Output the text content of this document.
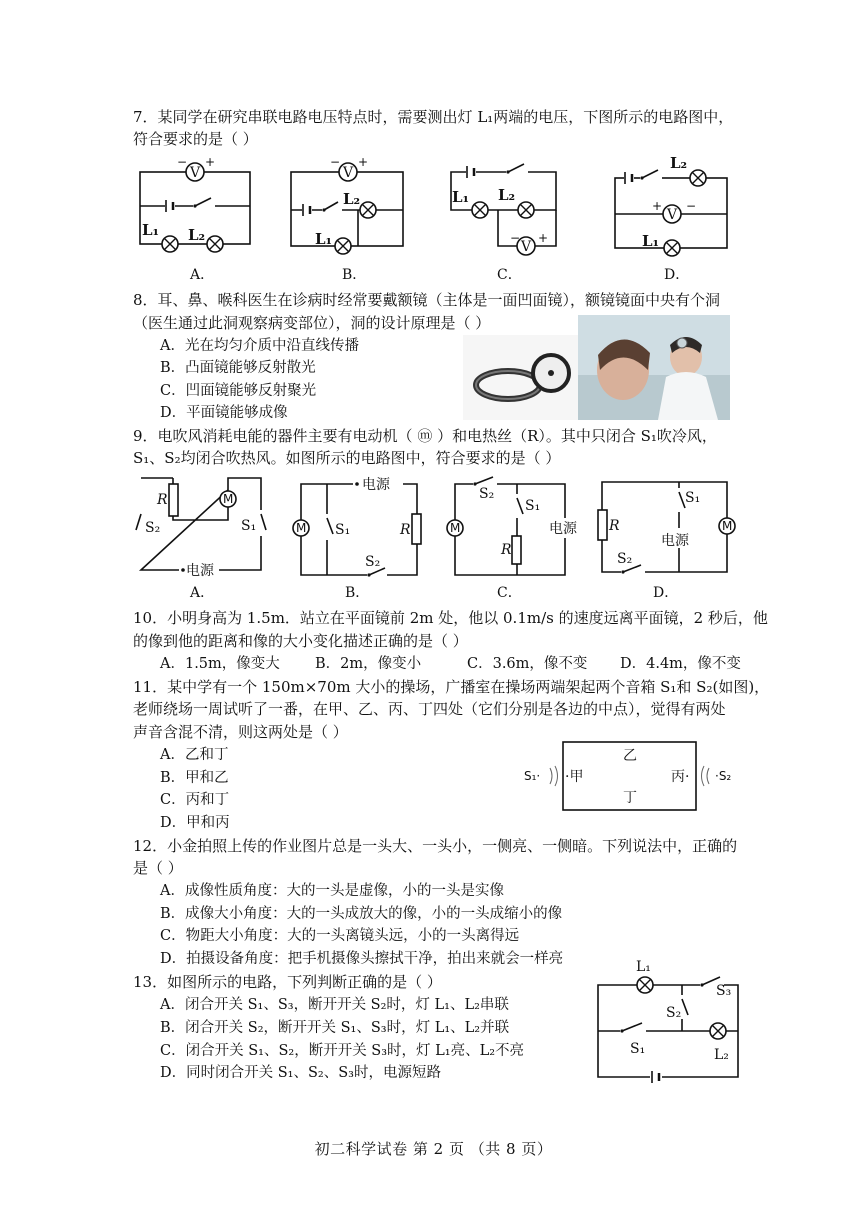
7．某同学在研究串联电路电压特点时，需要测出灯 L₁两端的电压，下图所示的电路图中，
符合要求的是（ ）
V
− +
L₁ L₂
A．
V
− +
L₂
L₁
B．
V
− +
L₁ L₂
C．
V
+ −
L₂
L₁
D．
8．耳、鼻、喉科医生在诊病时经常要戴额镜（主体是一面凹面镜），额镜镜面中央有个洞
（医生通过此洞观察病变部位），洞的设计原理是（ ）
A．光在均匀介质中沿直线传播
B．凸面镜能够反射散光
C．凹面镜能够反射聚光
D．平面镜能够成像
9．电吹风消耗电能的器件主要有电动机（ ⓜ ）和电热丝（R）。其中只闭合 S₁吹冷风，
S₁、S₂均闭合吹热风。如图所示的电路图中，符合要求的是（ ）
R	M
S₂	S₁
电源
A．
M S₁	R
电源
S₂
B．
S₂
M
S₁
R
电源
C．
R	M
S₁
电源
S₂
D．
10．小明身高为 1.5m．站立在平面镜前 2m 处，他以 0.1m/s 的速度远离平面镜，2 秒后，他
的像到他的距离和像的大小变化描述正确的是（ ）
A．1.5m，像变大 B．2m，像变小	C．3.6m，像不变 D．4.4m，像不变
11．某中学有一个 150m×70m 大小的操场，广播室在操场两端架起两个音箱 S₁和 S₂(如图)，
老师绕场一周试听了一番，在甲、乙、丙、丁四处（它们分别是各边的中点），觉得有两处
声音含混不清，则这两处是（ ）
A．乙和丁
B．甲和乙
C．丙和丁
D．甲和丙
乙
丁
·甲	丙·
S₁·	·S₂
12．小金拍照上传的作业图片总是一头大、一头小，一侧亮、一侧暗。下列说法中，正确的
是（ ）
A．成像性质角度：大的一头是虚像，小的一头是实像
B．成像大小角度：大的一头成放大的像，小的一头成缩小的像
C．物距大小角度：大的一头离镜头远，小的一头离得远
D．拍摄设备角度：把手机摄像头擦拭干净，拍出来就会一样亮
13．如图所示的电路，下列判断正确的是（ ）
A．闭合开关 S₁、S₃，断开开关 S₂时，灯 L₁、L₂串联
B．闭合开关 S₂，断开开关 S₁、S₃时，灯 L₁、L₂并联
C．闭合开关 S₁、S₂，断开开关 S₃时，灯 L₁亮、L₂不亮
D．同时闭合开关 S₁、S₂、S₃时，电源短路
L₁
S₃
S₂
S₁	L₂
初二科学试卷 第 2 页 （共 8 页）
